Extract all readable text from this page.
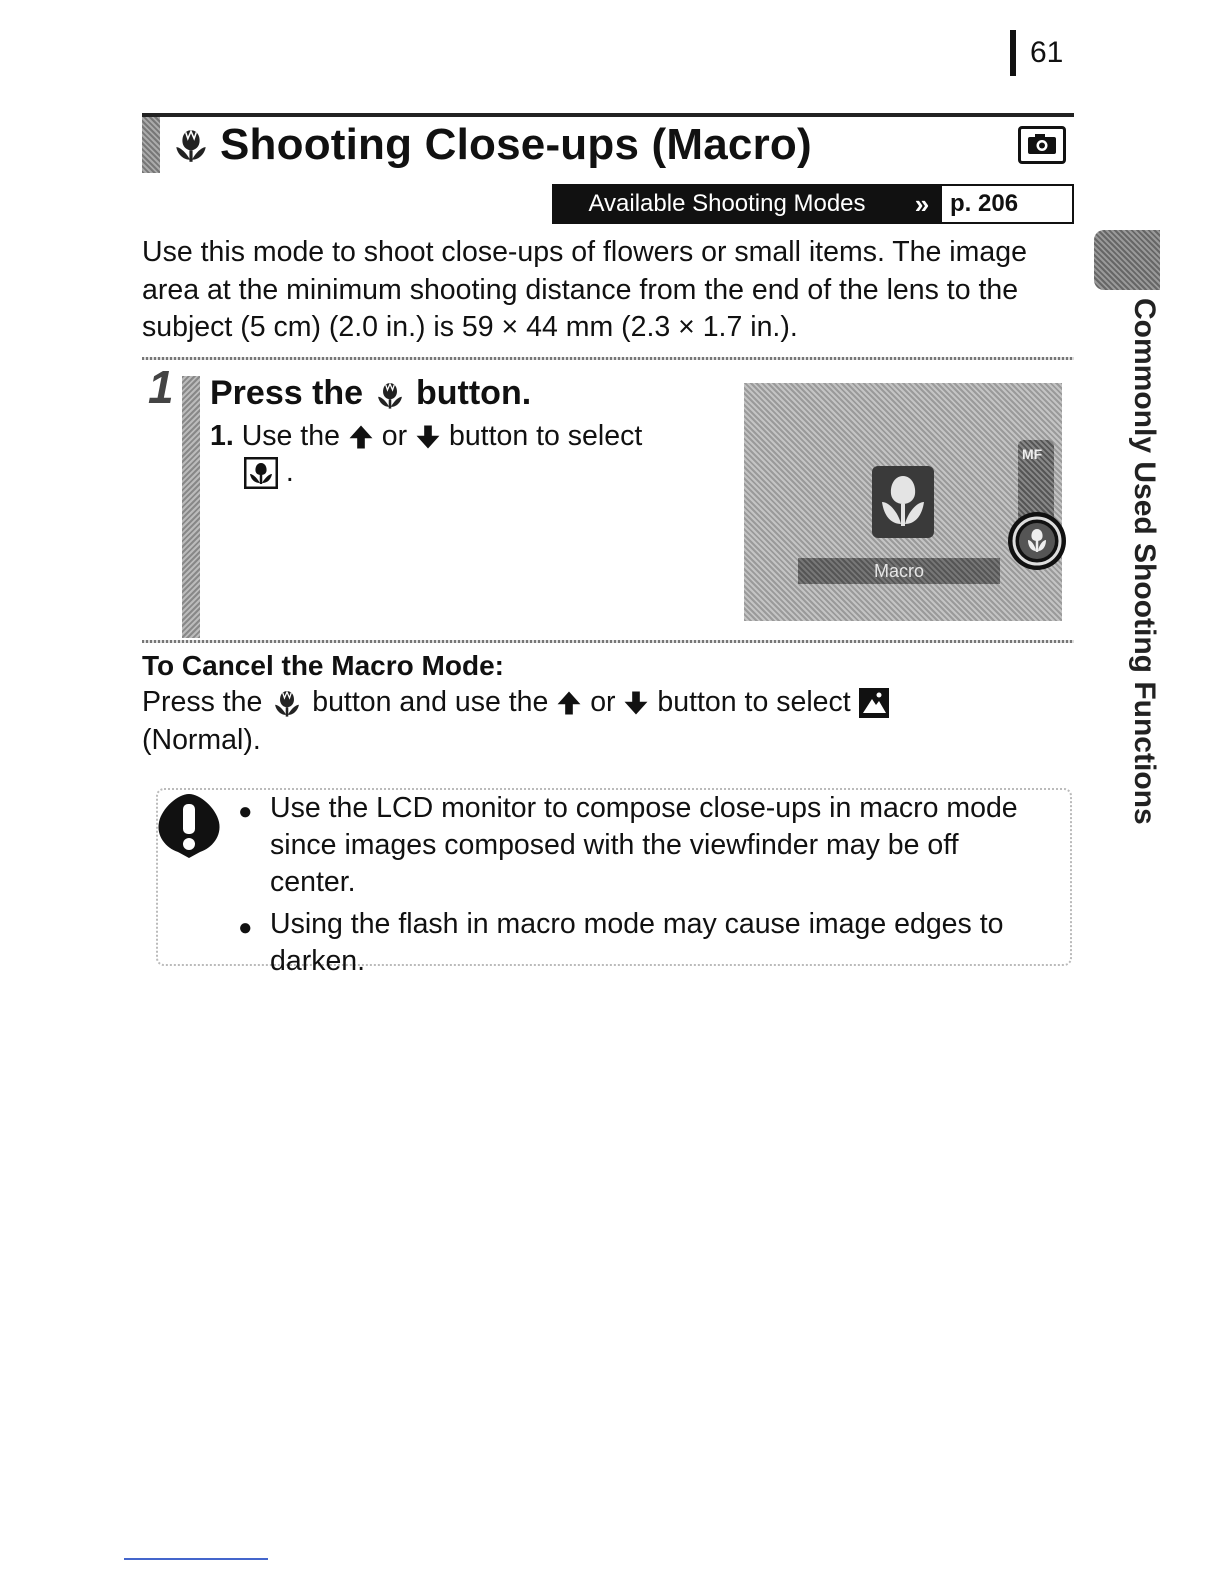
61
Shooting Close-ups (Macro)
Available Shooting Modes	» p. 206
Use this mode to shoot close-ups of flowers or small items. The image area at the minimum shooting distance from the end of the lens to the subject (5 cm) (2.0 in.) is 59 × 44 mm (2.3 × 1.7 in.).
1 Press the button.
1. Use the or button to select
.
Macro
MF
To Cancel the Macro Mode:
Press the button and use the or button to select
(Normal).
● Use the LCD monitor to compose close-ups in macro mode
since images composed with the viewfinder may be off
center.
● Using the flash in macro mode may cause image edges to
darken.
Commonly Used Shooting Functions
